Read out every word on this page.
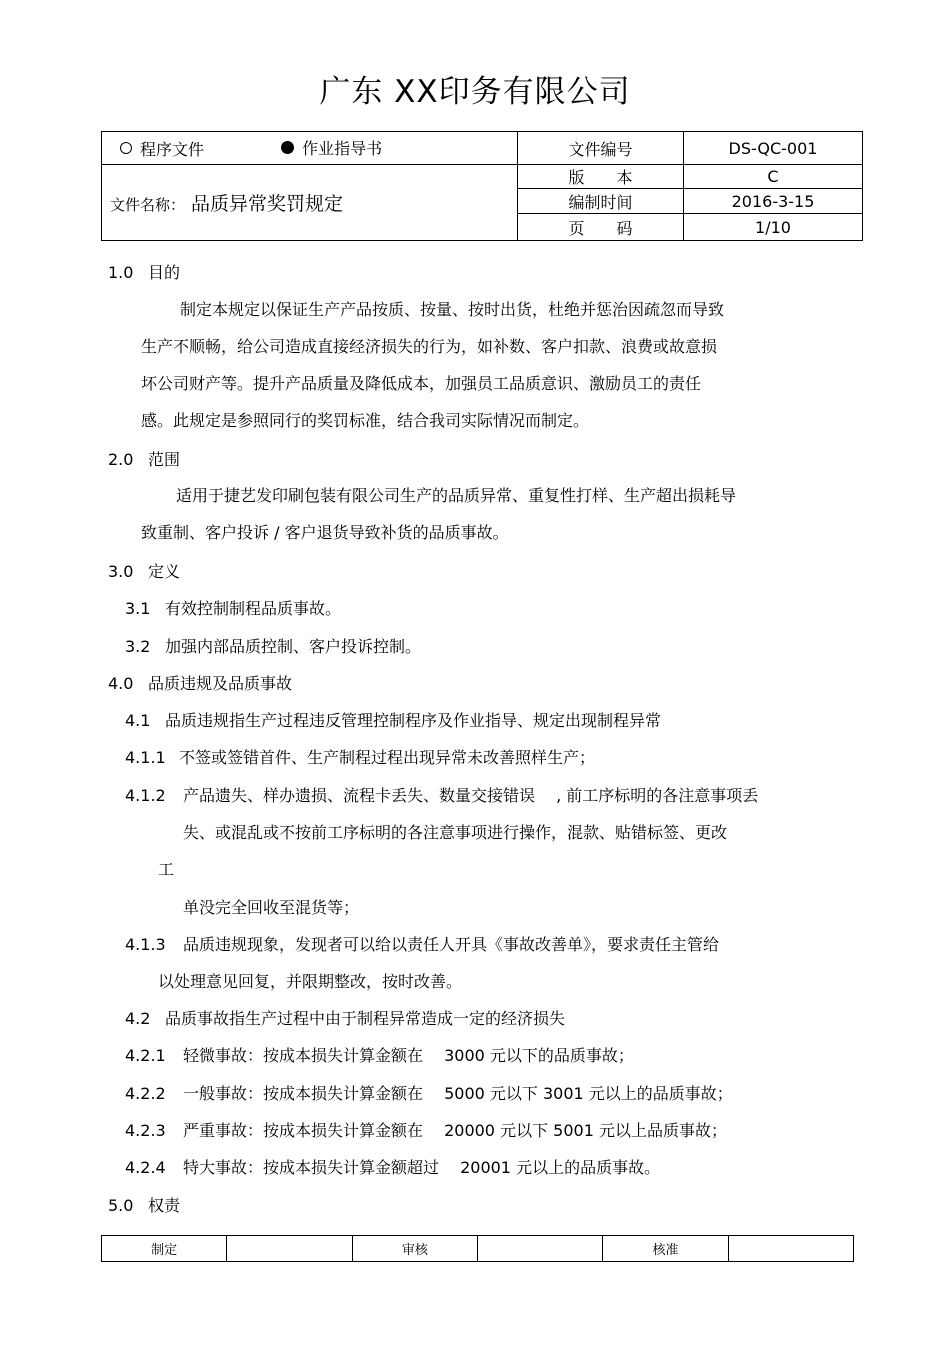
广东 XX印务有限公司
程序文件
作业指导书	文件编号	DS-QC-001
文件名称： 品质异常奖罚规定	版　　本	C
	编制时间	2016-3-15
	页　　码	1/10
1.0 目的
制定本规定以保证生产产品按质、按量、按时出货，杜绝并惩治因疏忽而导致
生产不顺畅，给公司造成直接经济损失的行为，如补数、客户扣款、浪费或故意损
坏公司财产等。提升产品质量及降低成本，加强员工品质意识、激励员工的责任
感。此规定是参照同行的奖罚标准，结合我司实际情况而制定。
2.0 范围
适用于捷艺发印刷包装有限公司生产的品质异常、重复性打样、生产超出损耗导
致重制、客户投诉 / 客户退货导致补货的品质事故。
3.0 定义
3.1 有效控制制程品质事故。
3.2 加强内部品质控制、客户投诉控制。
4.0 品质违规及品质事故
4.1 品质违规指生产过程违反管理控制程序及作业指导、规定出现制程异常
4.1.1 不签或签错首件、生产制程过程出现异常未改善照样生产；
4.1.2 产品遗失、样办遗损、流程卡丢失、数量交接错误　 , 前工序标明的各注意事项丢
失、或混乱或不按前工序标明的各注意事项进行操作，混款、贴错标签、更改
工
单没完全回收至混货等；
4.1.3 品质违规现象，发现者可以给以责任人开具《事故改善单》，要求责任主管给
以处理意见回复，并限期整改，按时改善。
4.2 品质事故指生产过程中由于制程异常造成一定的经济损失
4.2.1 轻微事故：按成本损失计算金额在　 3000 元以下的品质事故；
4.2.2 一般事故：按成本损失计算金额在　 5000 元以下 3001 元以上的品质事故；
4.2.3 严重事故：按成本损失计算金额在　 20000 元以下 5001 元以上品质事故；
4.2.4 特大事故：按成本损失计算金额超过　 20001 元以上的品质事故。
5.0 权责
制定		审核		核准	
